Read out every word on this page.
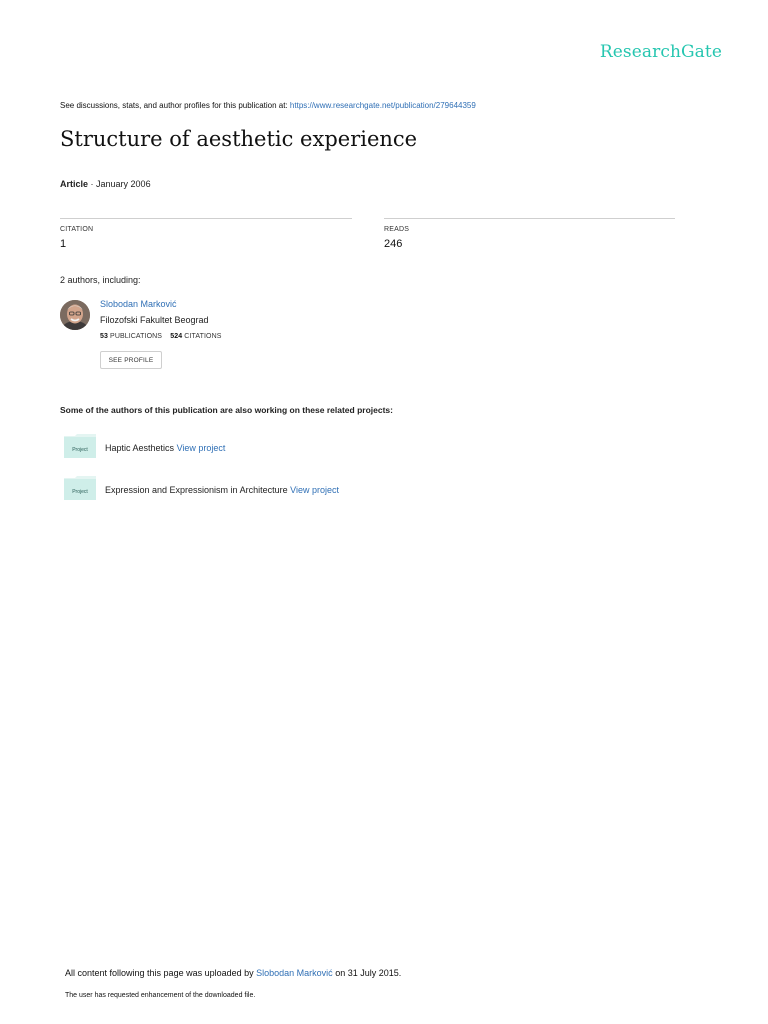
ResearchGate
See discussions, stats, and author profiles for this publication at: https://www.researchgate.net/publication/279644359
Structure of aesthetic experience
Article · January 2006
CITATION
1
READS
246
2 authors, including:
Slobodan Marković
Filozofski Fakultet Beograd
53 PUBLICATIONS 524 CITATIONS
SEE PROFILE
Some of the authors of this publication are also working on these related projects:
Project Haptic Aesthetics View project
Project Expression and Expressionism in Architecture View project
All content following this page was uploaded by Slobodan Marković on 31 July 2015.
The user has requested enhancement of the downloaded file.
